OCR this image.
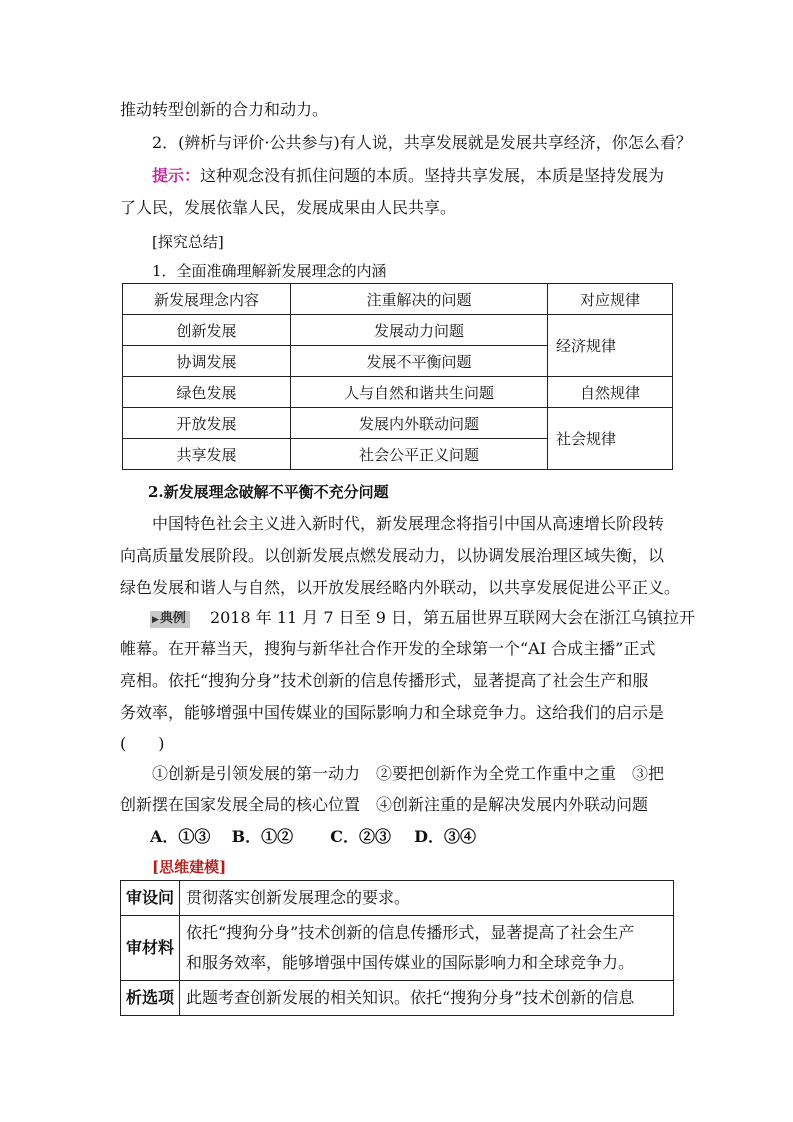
推动转型创新的合力和动力。
2．(辨析与评价·公共参与)有人说，共享发展就是发展共享经济，你怎么看？
提示：这种观念没有抓住问题的本质。坚持共享发展，本质是坚持发展为
了人民，发展依靠人民，发展成果由人民共享。
[探究总结]
1．全面准确理解新发展理念的内涵
新发展理念内容	注重解决的问题	对应规律
创新发展	发展动力问题	经济规律
协调发展	发展不平衡问题	
绿色发展	人与自然和谐共生问题	自然规律
开放发展	发展内外联动问题	社会规律
共享发展	社会公平正义问题	
2.新发展理念破解不平衡不充分问题
中国特色社会主义进入新时代，新发展理念将指引中国从高速增长阶段转
向高质量发展阶段。以创新发展点燃发展动力，以协调发展治理区域失衡，以
绿色发展和谐人与自然，以开放发展经略内外联动，以共享发展促进公平正义。
▶典例 2018 年 11 月 7 日至 9 日，第五届世界互联网大会在浙江乌镇拉开
帷幕。在开幕当天，搜狗与新华社合作开发的全球第一个“AI 合成主播”正式
亮相。依托“搜狗分身”技术创新的信息传播形式，显著提高了社会生产和服
务效率，能够增强中国传媒业的国际影响力和全球竞争力。这给我们的启示是
(　　)
①创新是引领发展的第一动力　②要把创新作为全党工作重中之重　③把
创新摆在国家发展全局的核心位置　④创新注重的是解决发展内外联动问题
A．①③ B．①② C．②③ D．③④
[思维建模]
审设问	贯彻落实创新发展理念的要求。
审材料	依托“搜狗分身”技术创新的信息传播形式，显著提高了社会生产
和服务效率，能够增强中国传媒业的国际影响力和全球竞争力。

析选项	此题考查创新发展的相关知识。依托“搜狗分身”技术创新的信息
